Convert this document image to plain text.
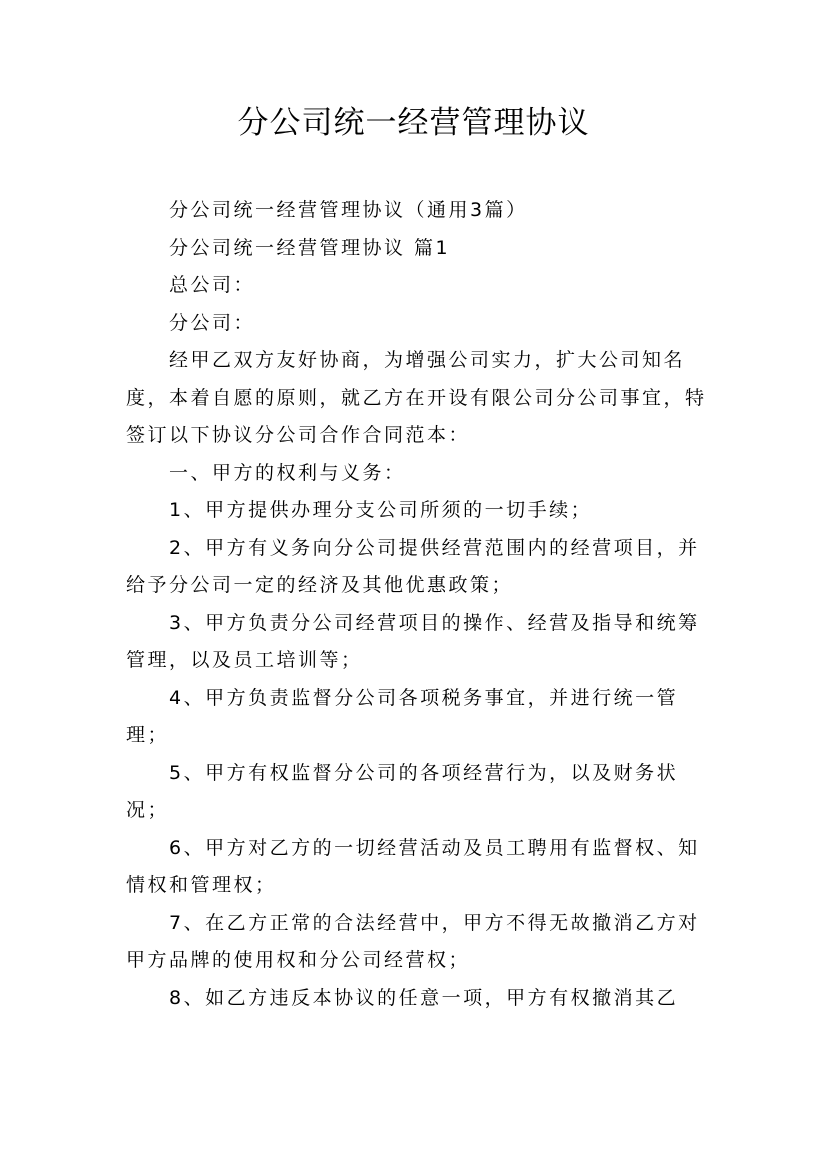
分公司统一经营管理协议

分公司统一经营管理协议（通用3篇）

分公司统一经营管理协议 篇1

总公司：

分公司：

经甲乙双方友好协商，为增强公司实力，扩大公司知名度，本着自愿的原则，就乙方在开设有限公司分公司事宜，特签订以下协议分公司合作合同范本：

一、甲方的权利与义务：

1、甲方提供办理分支公司所须的一切手续；

2、甲方有义务向分公司提供经营范围内的经营项目，并给予分公司一定的经济及其他优惠政策；

3、甲方负责分公司经营项目的操作、经营及指导和统筹管理，以及员工培训等；

4、甲方负责监督分公司各项税务事宜，并进行统一管理；

5、甲方有权监督分公司的各项经营行为，以及财务状况；

6、甲方对乙方的一切经营活动及员工聘用有监督权、知情权和管理权；

7、在乙方正常的合法经营中，甲方不得无故撤消乙方对甲方品牌的使用权和分公司经营权；

8、如乙方违反本协议的任意一项，甲方有权撤消其乙
